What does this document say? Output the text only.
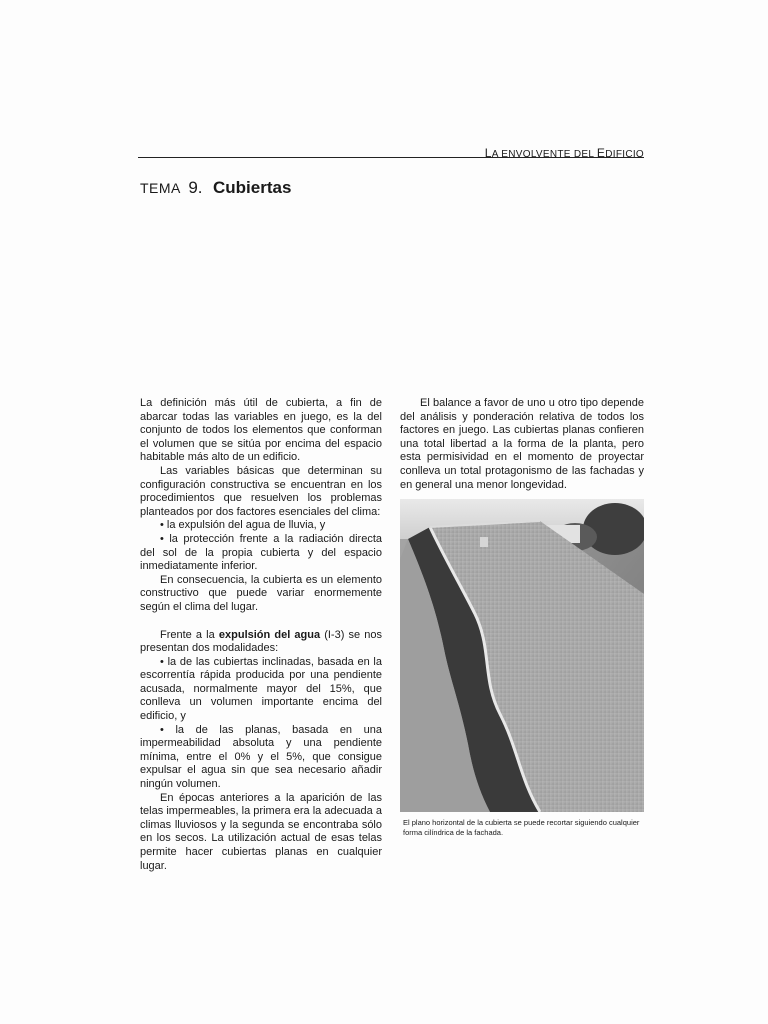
LA ENVOLVENTE DEL EDIFICIO
TEMA 9. Cubiertas

La definición más útil de cubierta, a fin de abarcar todas las variables en juego, es la del conjunto de todos los elementos que conforman el volumen que se sitúa por encima del espacio habitable más alto de un edificio.

Las variables básicas que determinan su configuración constructiva se encuentran en los procedimientos que resuelven los problemas planteados por dos factores esenciales del clima:

• la expulsión del agua de lluvia, y

• la protección frente a la radiación directa del sol de la propia cubierta y del espacio inmediatamente inferior.

En consecuencia, la cubierta es un elemento constructivo que puede variar enormemente según el clima del lugar.

Frente a la expulsión del agua (I-3) se nos presentan dos modalidades:

• la de las cubiertas inclinadas, basada en la escorrentía rápida producida por una pendiente acusada, normalmente mayor del 15%, que conlleva un volumen importante encima del edificio, y

• la de las planas, basada en una impermeabilidad absoluta y una pendiente mínima, entre el 0% y el 5%, que consigue expulsar el agua sin que sea necesario añadir ningún volumen.

En épocas anteriores a la aparición de las telas impermeables, la primera era la adecuada a climas lluviosos y la segunda se encontraba sólo en los secos. La utilización actual de esas telas permite hacer cubiertas planas en cualquier lugar.

El balance a favor de uno u otro tipo depende del análisis y ponderación relativa de todos los factores en juego. Las cubiertas planas confieren una total libertad a la forma de la planta, pero esta permisividad en el momento de proyectar conlleva un total protagonismo de las fachadas y en general una menor longevidad.

El plano horizontal de la cubierta se puede recortar siguiendo cualquier forma cilíndrica de la fachada.
